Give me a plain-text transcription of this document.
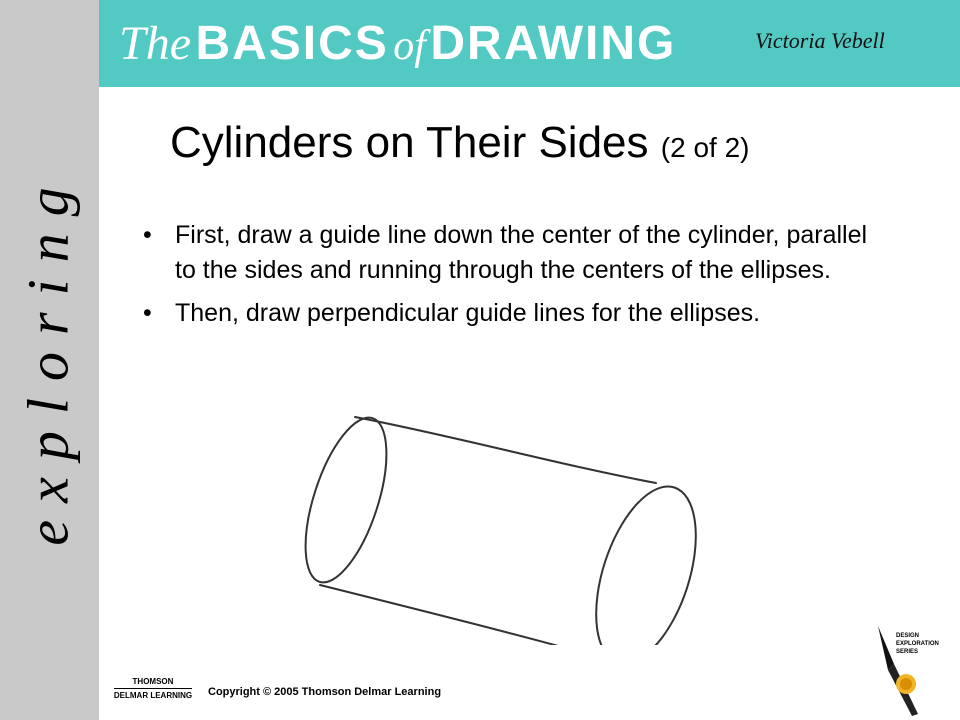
exploring
The BASICS of DRAWING	Victoria Vebell
Cylinders on Their Sides (2 of 2)
• First, draw a guide line down the center of the cylinder, parallel to the sides and running through the centers of the ellipses.
• Then, draw perpendicular guide lines for the ellipses.
THOMSON
DELMAR LEARNING	Copyright © 2005 Thomson Delmar Learning
DESIGN
EXPLORATION
SERIES
